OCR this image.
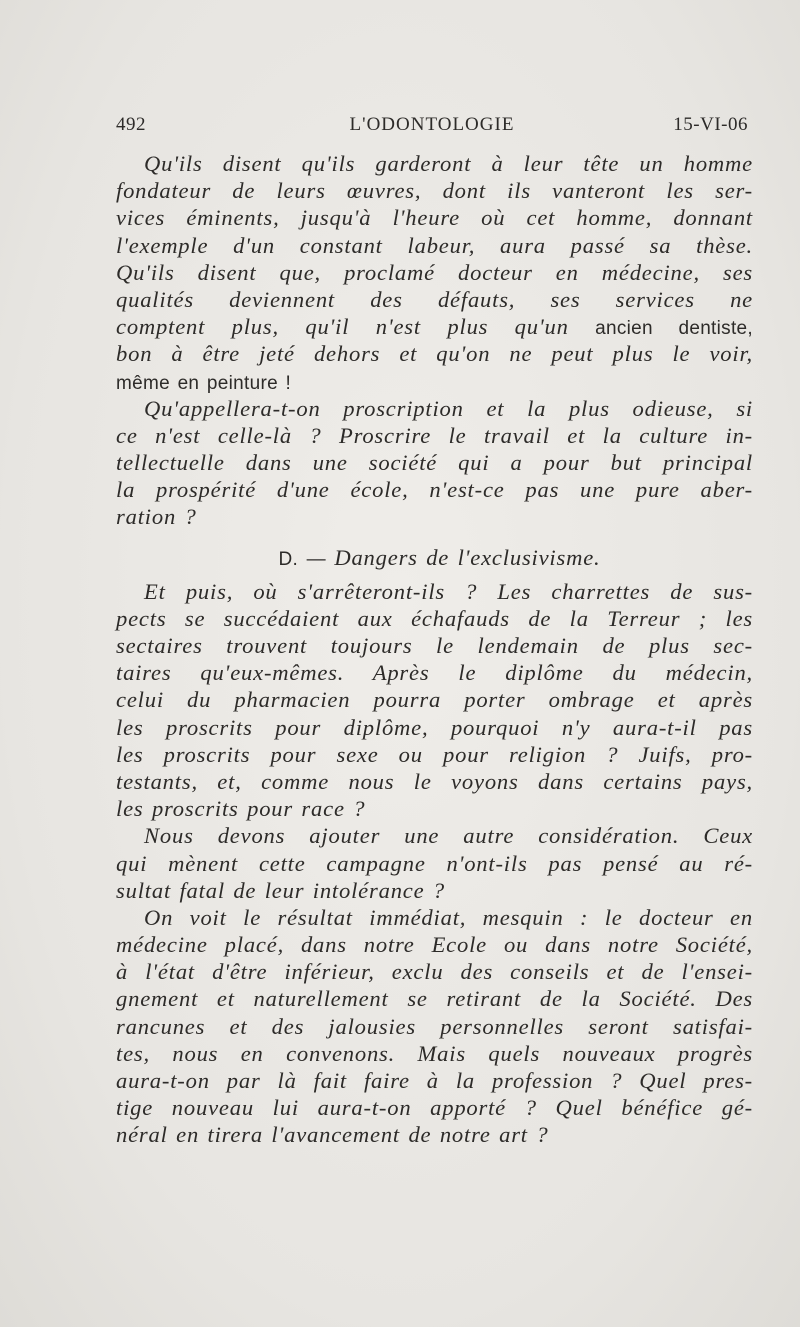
492	L'ODONTOLOGIE	15-VI-06
Qu'ils disent qu'ils garderont à leur tête un homme
fondateur de leurs œuvres, dont ils vanteront les ser-
vices éminents, jusqu'à l'heure où cet homme, donnant
l'exemple d'un constant labeur, aura passé sa thèse.
Qu'ils disent que, proclamé docteur en médecine, ses
qualités deviennent des défauts, ses services ne
comptent plus, qu'il n'est plus qu'un ancien dentiste,
bon à être jeté dehors et qu'on ne peut plus le voir,
même en peinture !
Qu'appellera-t-on proscription et la plus odieuse, si
ce n'est celle-là ? Proscrire le travail et la culture in-
tellectuelle dans une société qui a pour but principal
la prospérité d'une école, n'est-ce pas une pure aber-
ration ?
D. — Dangers de l'exclusivisme.
Et puis, où s'arrêteront-ils ? Les charrettes de sus-
pects se succédaient aux échafauds de la Terreur ; les
sectaires trouvent toujours le lendemain de plus sec-
taires qu'eux-mêmes. Après le diplôme du médecin,
celui du pharmacien pourra porter ombrage et après
les proscrits pour diplôme, pourquoi n'y aura-t-il pas
les proscrits pour sexe ou pour religion ? Juifs, pro-
testants, et, comme nous le voyons dans certains pays,
les proscrits pour race ?
Nous devons ajouter une autre considération. Ceux
qui mènent cette campagne n'ont-ils pas pensé au ré-
sultat fatal de leur intolérance ?
On voit le résultat immédiat, mesquin : le docteur en
médecine placé, dans notre Ecole ou dans notre Société,
à l'état d'être inférieur, exclu des conseils et de l'ensei-
gnement et naturellement se retirant de la Société. Des
rancunes et des jalousies personnelles seront satisfai-
tes, nous en convenons. Mais quels nouveaux progrès
aura-t-on par là fait faire à la profession ? Quel pres-
tige nouveau lui aura-t-on apporté ? Quel bénéfice gé-
néral en tirera l'avancement de notre art ?
